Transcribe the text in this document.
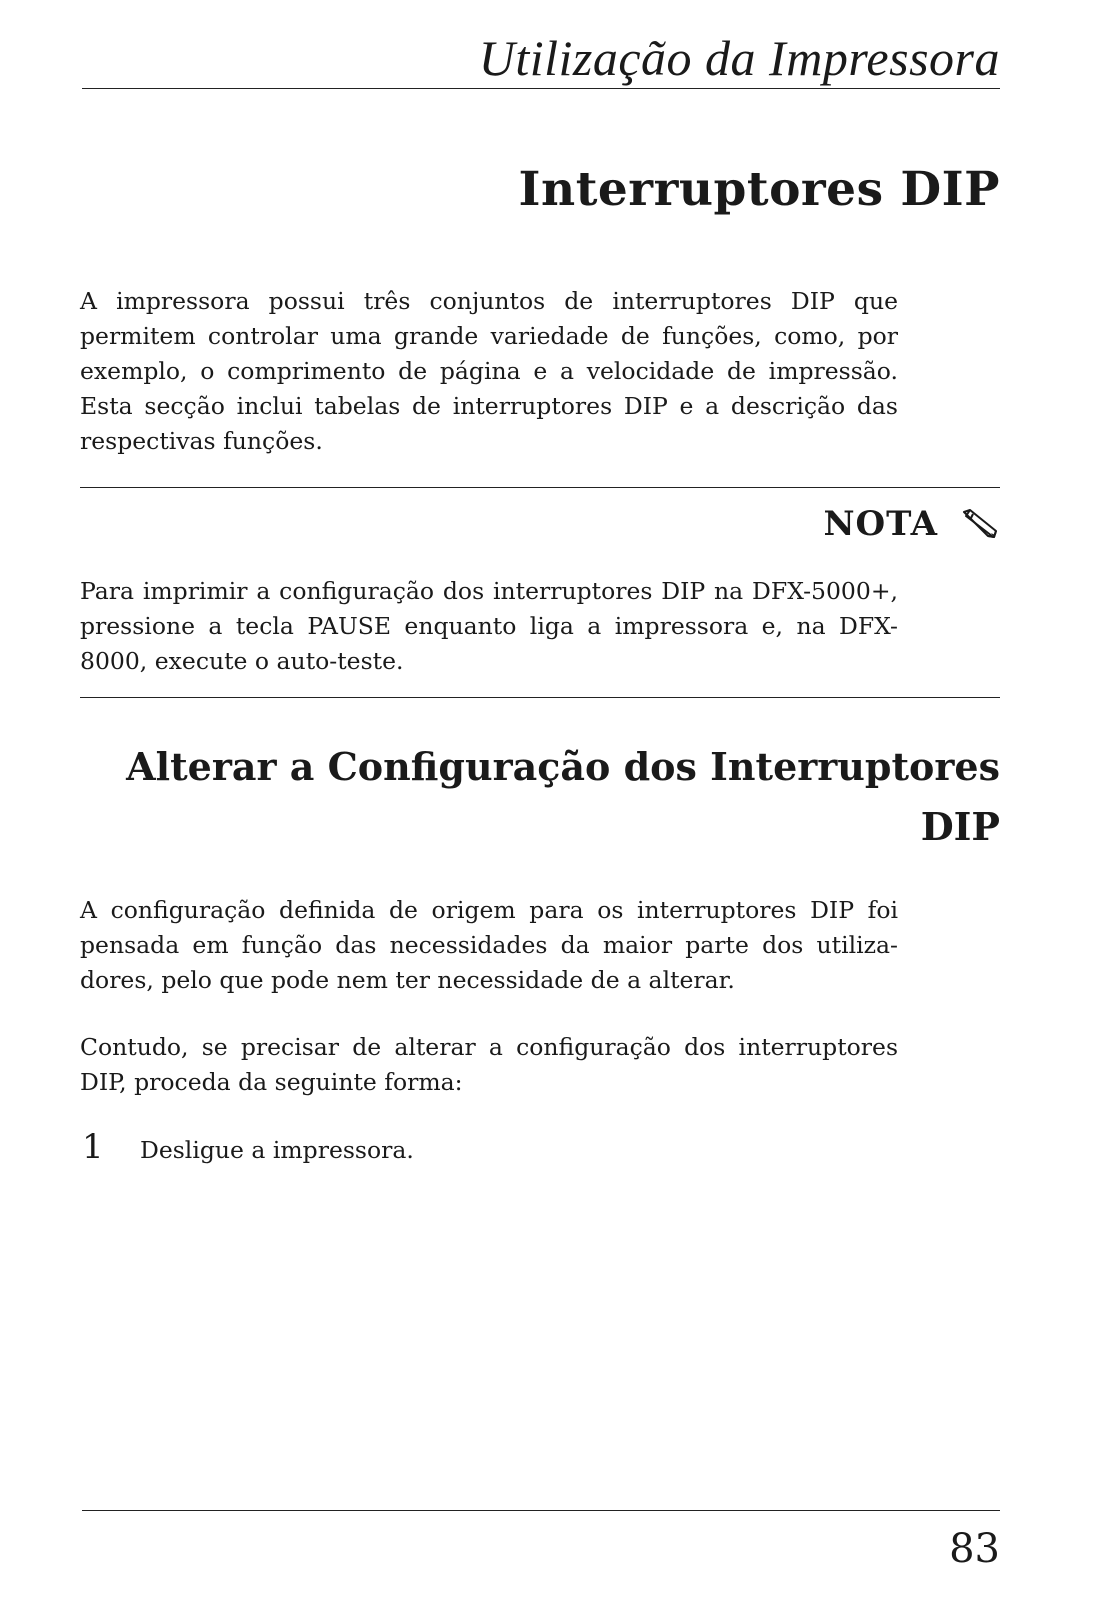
Utilização da Impressora
Interruptores DIP

A impressora possui três conjuntos de interruptores DIP que permitem controlar uma grande variedade de funções, como, por exemplo, o comprimento de página e a velocidade de impressão. Esta secção inclui tabelas de interruptores DIP e a descrição das respectivas funções.

NOTA

Para imprimir a configuração dos interruptores DIP na DFX-5000+, pressione a tecla PAUSE enquanto liga a impressora e, na DFX-8000, execute o auto-teste.

Alterar a Configuração dos Interruptores DIP

A configuração definida de origem para os interruptores DIP foi pensada em função das necessidades da maior parte dos utiliza-dores, pelo que pode nem ter necessidade de a alterar.

Contudo, se precisar de alterar a configuração dos interruptores DIP, proceda da seguinte forma:

1	Desligue a impressora.
83
